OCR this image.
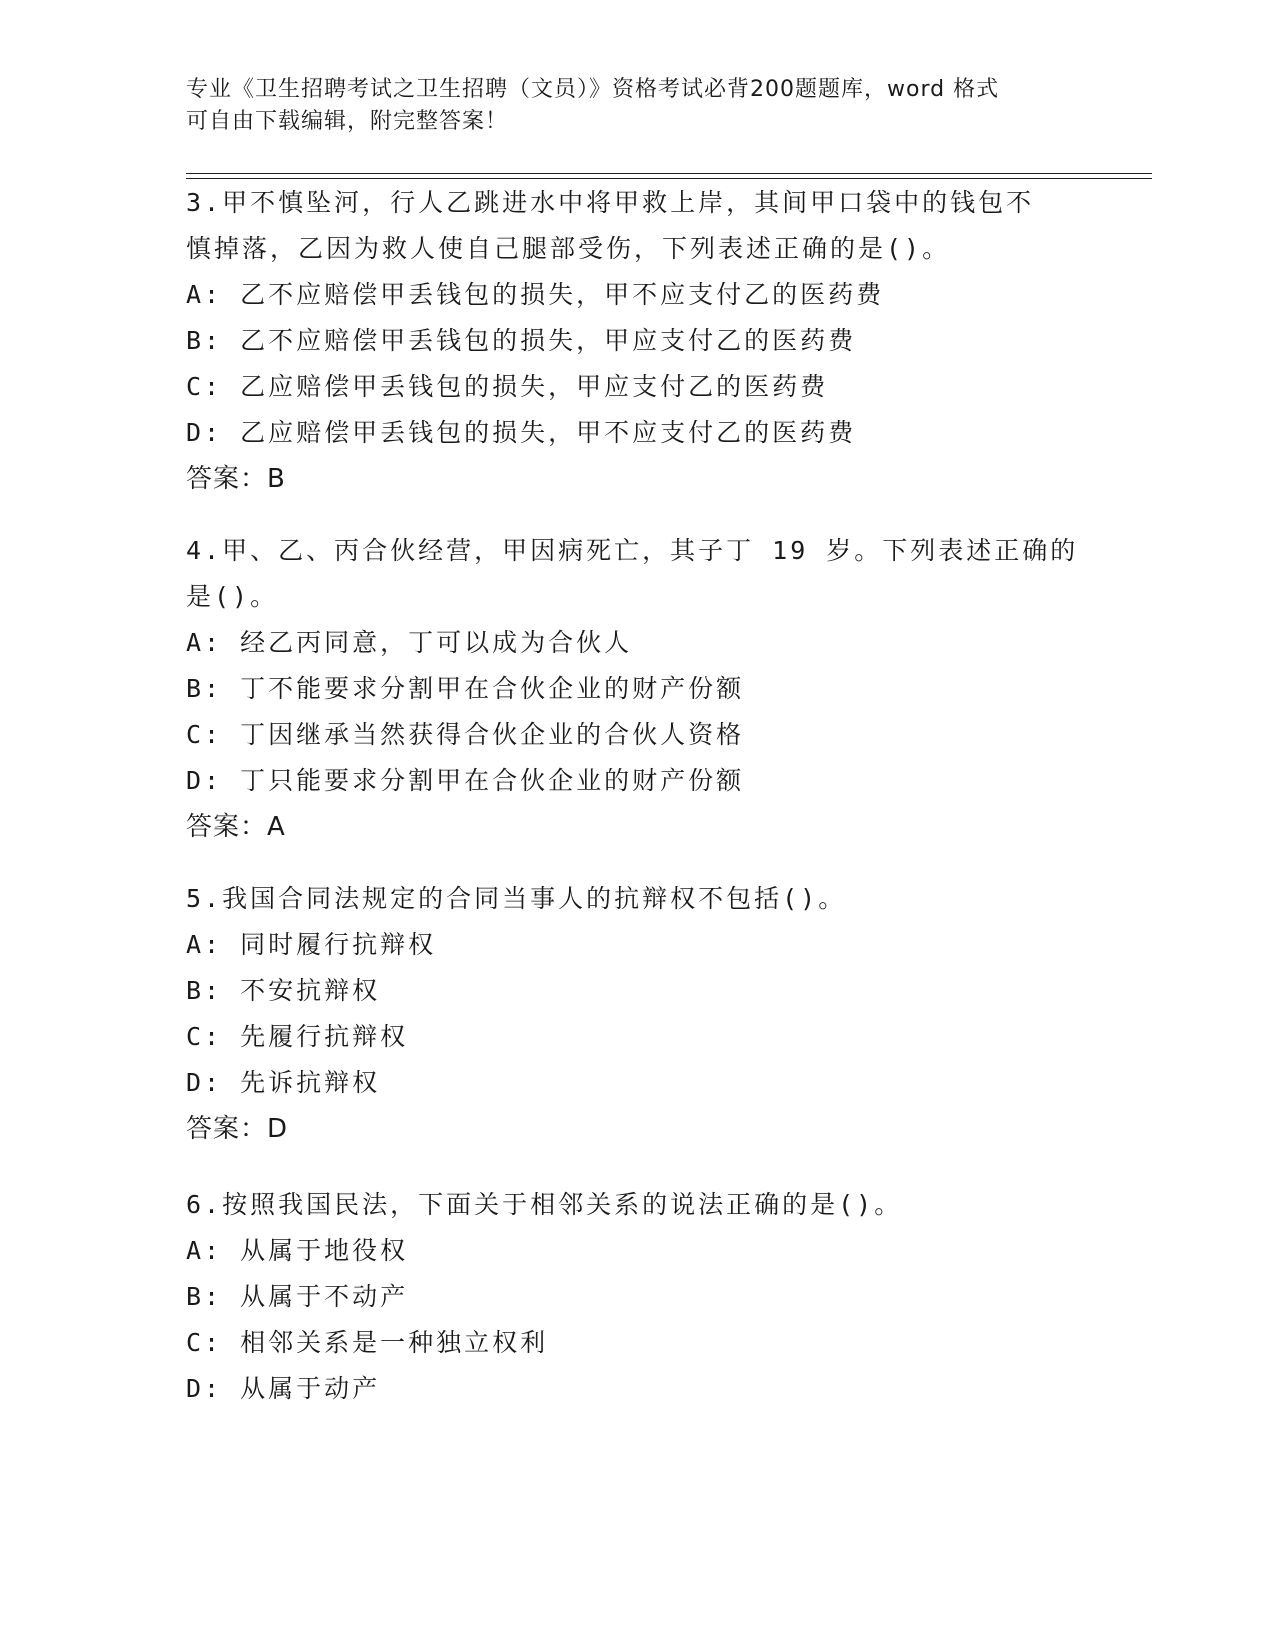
专业《卫生招聘考试之卫生招聘（文员）》资格考试必背200题题库，word 格式
可自由下载编辑，附完整答案！
3.甲不慎坠河，行人乙跳进水中将甲救上岸，其间甲口袋中的钱包不
慎掉落，乙因为救人使自己腿部受伤，下列表述正确的是()。
A: 乙不应赔偿甲丢钱包的损失，甲不应支付乙的医药费
B: 乙不应赔偿甲丢钱包的损失，甲应支付乙的医药费
C: 乙应赔偿甲丢钱包的损失，甲应支付乙的医药费
D: 乙应赔偿甲丢钱包的损失，甲不应支付乙的医药费
答案：B
4.甲、乙、丙合伙经营，甲因病死亡，其子丁 19 岁。下列表述正确的
是()。
A: 经乙丙同意，丁可以成为合伙人
B: 丁不能要求分割甲在合伙企业的财产份额
C: 丁因继承当然获得合伙企业的合伙人资格
D: 丁只能要求分割甲在合伙企业的财产份额
答案：A
5.我国合同法规定的合同当事人的抗辩权不包括()。
A: 同时履行抗辩权
B: 不安抗辩权
C: 先履行抗辩权
D: 先诉抗辩权
答案：D
6.按照我国民法，下面关于相邻关系的说法正确的是()。
A: 从属于地役权
B: 从属于不动产
C: 相邻关系是一种独立权利
D: 从属于动产
